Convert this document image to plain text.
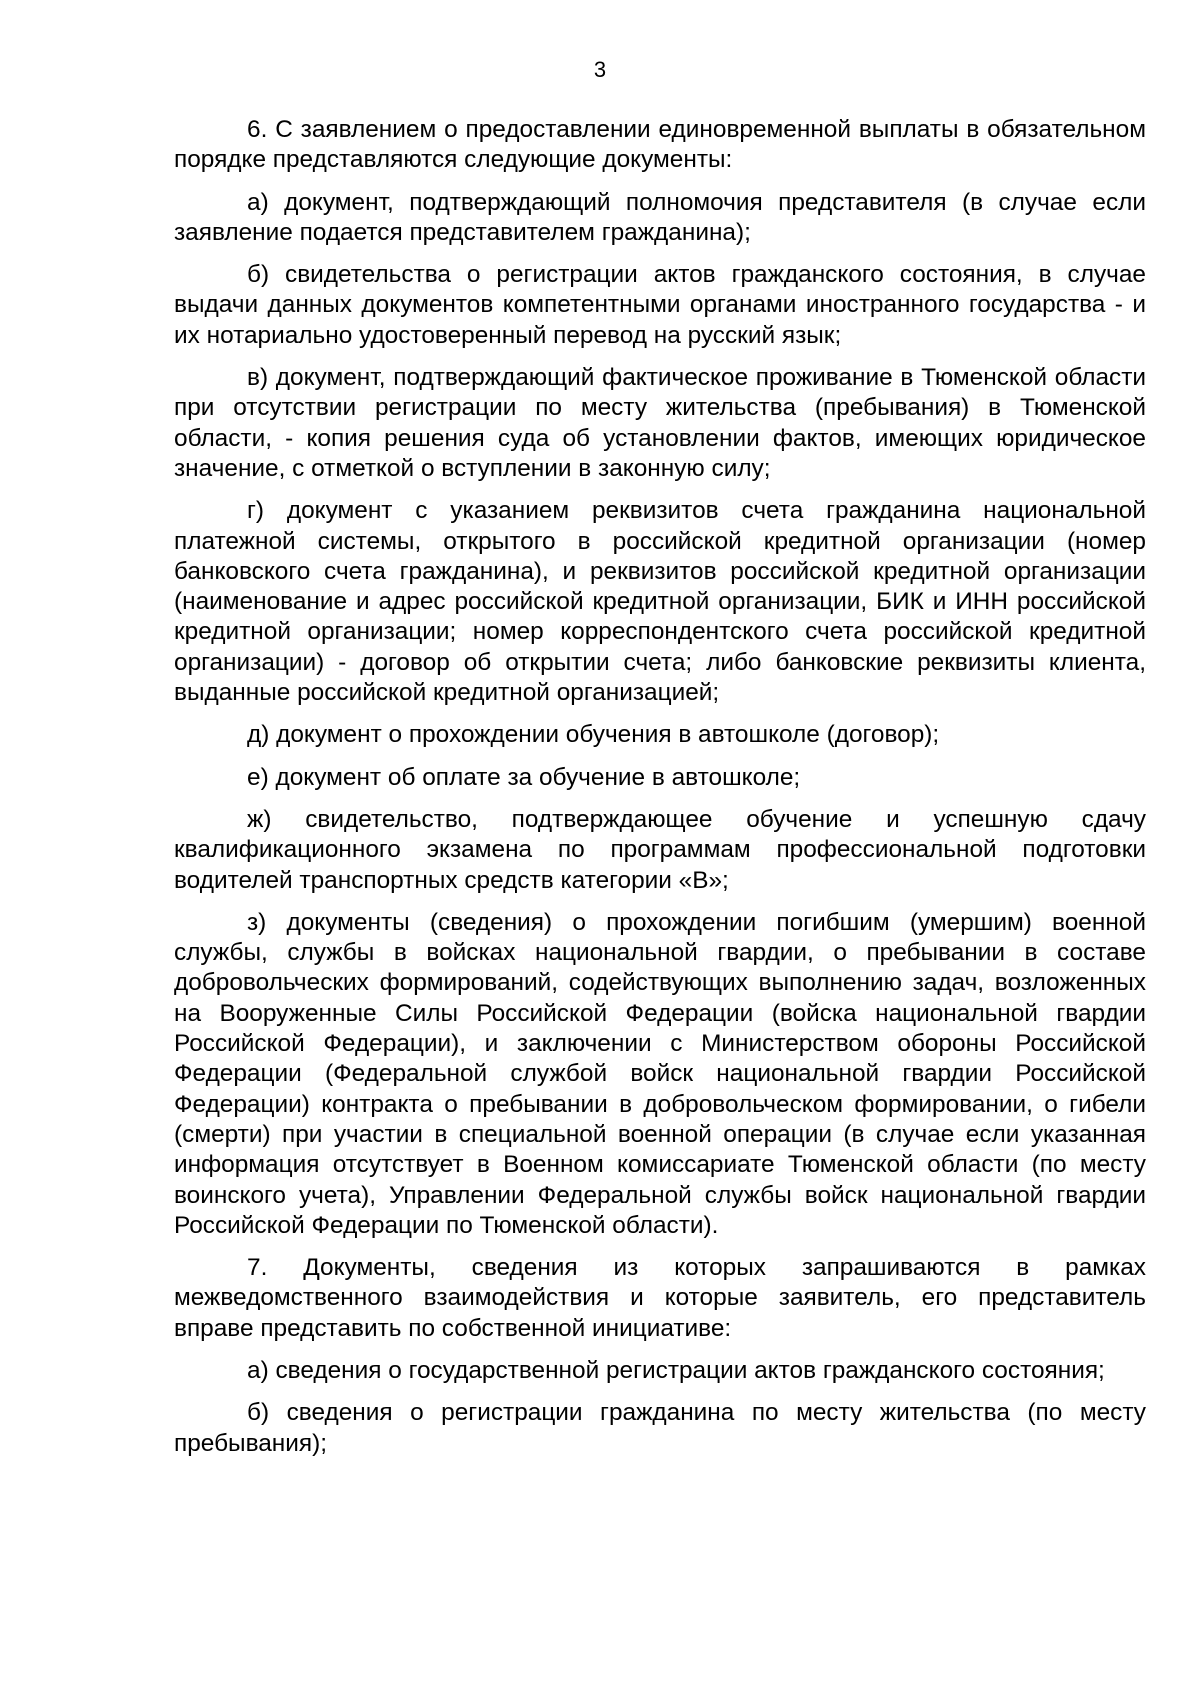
3

6. С заявлением о предоставлении единовременной выплаты в обязательном порядке представляются следующие документы:

а) документ, подтверждающий полномочия представителя (в случае если заявление подается представителем гражданина);

б) свидетельства о регистрации актов гражданского состояния, в случае выдачи данных документов компетентными органами иностранного государства - и их нотариально удостоверенный перевод на русский язык;

в) документ, подтверждающий фактическое проживание в Тюменской области при отсутствии регистрации по месту жительства (пребывания) в Тюменской области, - копия решения суда об установлении фактов, имеющих юридическое значение, с отметкой о вступлении в законную силу;

г) документ с указанием реквизитов счета гражданина национальной платежной системы, открытого в российской кредитной организации (номер банковского счета гражданина), и реквизитов российской кредитной организации (наименование и адрес российской кредитной организации, БИК и ИНН российской кредитной организации; номер корреспондентского счета российской кредитной организации) - договор об открытии счета; либо банковские реквизиты клиента, выданные российской кредитной организацией;

д) документ о прохождении обучения в автошколе (договор);

е) документ об оплате за обучение в автошколе;

ж) свидетельство, подтверждающее обучение и успешную сдачу квалификационного экзамена по программам профессиональной подготовки водителей транспортных средств категории «В»;

з) документы (сведения) о прохождении погибшим (умершим) военной службы, службы в войсках национальной гвардии, о пребывании в составе добровольческих формирований, содействующих выполнению задач, возложенных на Вооруженные Силы Российской Федерации (войска национальной гвардии Российской Федерации), и заключении с Министерством обороны Российской Федерации (Федеральной службой войск национальной гвардии Российской Федерации) контракта о пребывании в добровольческом формировании, о гибели (смерти) при участии в специальной военной операции (в случае если указанная информация отсутствует в Военном комиссариате Тюменской области (по месту воинского учета), Управлении Федеральной службы войск национальной гвардии Российской Федерации по Тюменской области).

7. Документы, сведения из которых запрашиваются в рамках межведомственного взаимодействия и которые заявитель, его представитель вправе представить по собственной инициативе:

а) сведения о государственной регистрации актов гражданского состояния;

б) сведения о регистрации гражданина по месту жительства (по месту пребывания);
